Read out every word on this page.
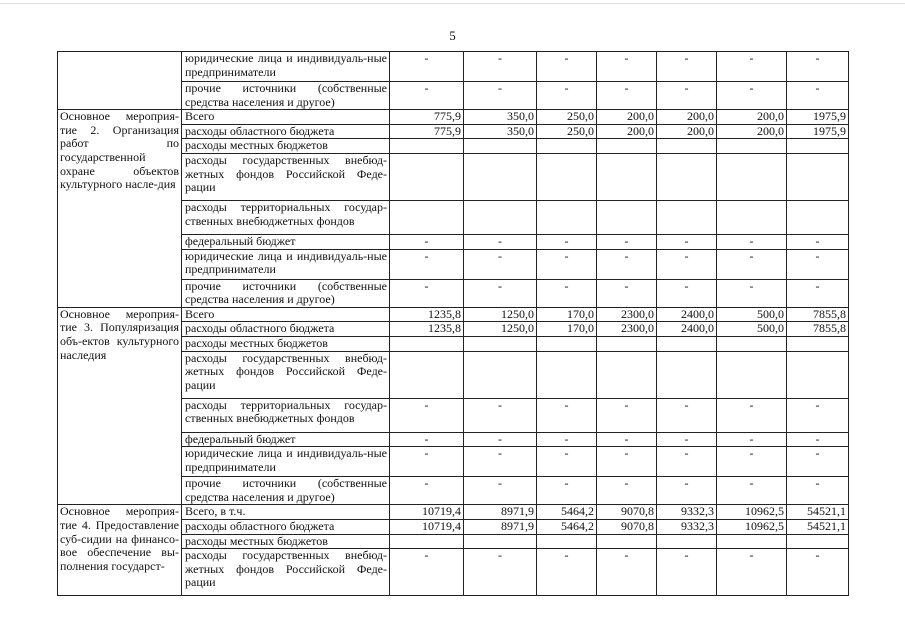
5
	юридические лица и индивидуаль-ные предприниматели	-	-	-	-	-	-	-
	прочие источники (собственные средства населения и другое)	-	-	-	-	-	-	-
Основное мероприя-тие 2. Организация работ по государственной охране объектов культурного насле-дия	Всего	775,9	350,0	250,0	200,0	200,0	200,0	1975,9
	расходы областного бюджета	775,9	350,0	250,0	200,0	200,0	200,0	1975,9
	расходы местных бюджетов							
	расходы государственных внебюд-жетных фондов Российской Феде-рации							
	расходы территориальных государ-ственных внебюджетных фондов							
	федеральный бюджет	-	-	-	-	-	-	-
	юридические лица и индивидуаль-ные предприниматели	-	-	-	-	-	-	-
	прочие источники (собственные средства населения и другое)	-	-	-	-	-	-	-
Основное мероприя-тие 3. Популяризация объ-ектов культурного наследия	Всего	1235,8	1250,0	170,0	2300,0	2400,0	500,0	7855,8
	расходы областного бюджета	1235,8	1250,0	170,0	2300,0	2400,0	500,0	7855,8
	расходы местных бюджетов							
	расходы государственных внебюд-жетных фондов Российской Феде-рации							
	расходы территориальных государ-ственных внебюджетных фондов	-	-	-	-	-	-	-
	федеральный бюджет	-	-	-	-	-	-	-
	юридические лица и индивидуаль-ные предприниматели	-	-	-	-	-	-	-
	прочие источники (собственные средства населения и другое)	-	-	-	-	-	-	-
Основное мероприя-тие 4. Предоставление суб-сидии на финансо-вое обеспечение вы-полнения государст-	Всего, в т.ч.	10719,4	8971,9	5464,2	9070,8	9332,3	10962,5	54521,1
	расходы областного бюджета	10719,4	8971,9	5464,2	9070,8	9332,3	10962,5	54521,1
	расходы местных бюджетов							
	расходы государственных внебюд-жетных фондов Российской Феде-рации	-	-	-	-	-	-	-
